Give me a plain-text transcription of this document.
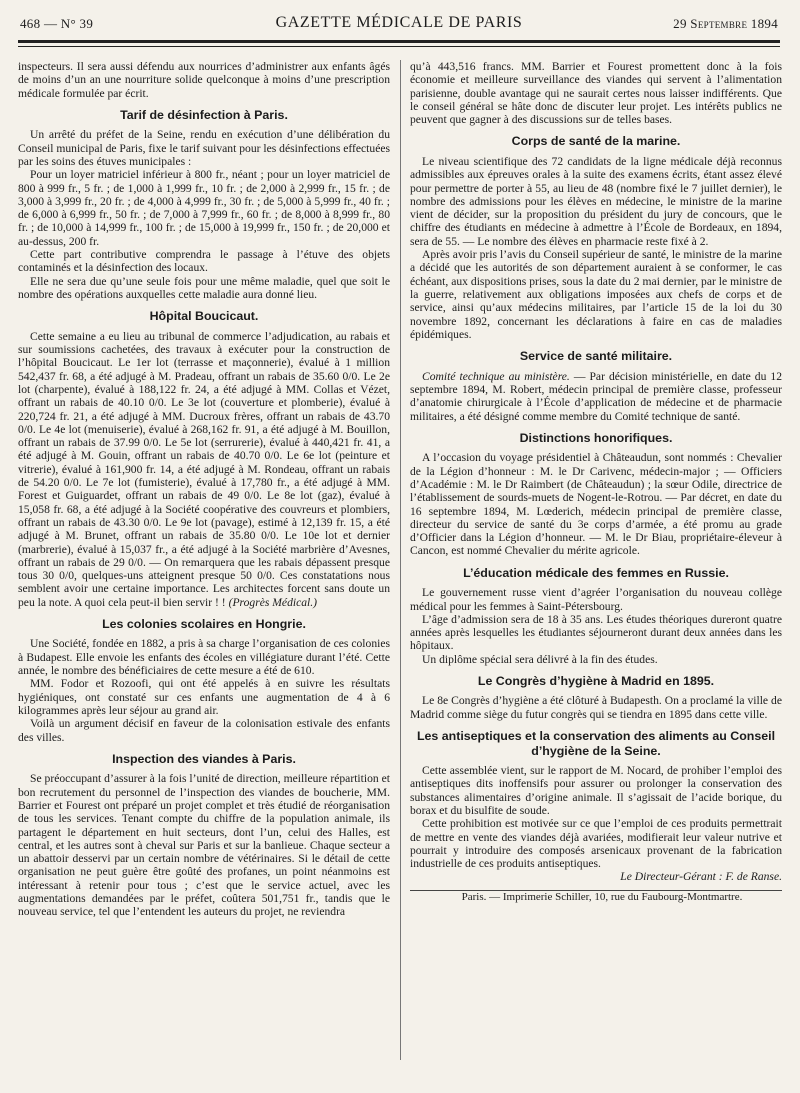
468 — N° 39	GAZETTE MÉDICALE DE PARIS	29 Septembre 1894

inspecteurs. Il sera aussi défendu aux nourrices d’administrer aux enfants âgés de moins d’un an une nourriture solide quelconque à moins d’une prescription médicale formulée par écrit.

Tarif de désinfection à Paris.

Un arrêté du préfet de la Seine, rendu en exécution d’une délibération du Conseil municipal de Paris, fixe le tarif suivant pour les désinfections effectuées par les soins des étuves municipales :

Pour un loyer matriciel inférieur à 800 fr., néant ; pour un loyer matriciel de 800 à 999 fr., 5 fr. ; de 1,000 à 1,999 fr., 10 fr. ; de 2,000 à 2,999 fr., 15 fr. ; de 3,000 à 3,999 fr., 20 fr. ; de 4,000 à 4,999 fr., 30 fr. ; de 5,000 à 5,999 fr., 40 fr. ; de 6,000 à 6,999 fr., 50 fr. ; de 7,000 à 7,999 fr., 60 fr. ; de 8,000 à 8,999 fr., 80 fr. ; de 10,000 à 14,999 fr., 100 fr. ; de 15,000 à 19,999 fr., 150 fr. ; de 20,000 et au-dessus, 200 fr.

Cette part contributive comprendra le passage à l’étuve des objets contaminés et la désinfection des locaux.

Elle ne sera due qu’une seule fois pour une même maladie, quel que soit le nombre des opérations auxquelles cette maladie aura donné lieu.

Hôpital Boucicaut.

Cette semaine a eu lieu au tribunal de commerce l’adjudication, au rabais et sur soumissions cachetées, des travaux à exécuter pour la construction de l’hôpital Boucicaut. Le 1er lot (terrasse et maçonnerie), évalué à 1 million 542,437 fr. 68, a été adjugé à M. Pradeau, offrant un rabais de 35.60 0/0. Le 2e lot (charpente), évalué à 188,122 fr. 24, a été adjugé à MM. Collas et Vézet, offrant un rabais de 40.10 0/0. Le 3e lot (couverture et plomberie), évalué à 220,724 fr. 21, a été adjugé à MM. Ducroux frères, offrant un rabais de 43.70 0/0. Le 4e lot (menuiserie), évalué à 268,162 fr. 91, a été adjugé à M. Bouillon, offrant un rabais de 37.99 0/0. Le 5e lot (serrurerie), évalué à 440,421 fr. 41, a été adjugé à M. Gouin, offrant un rabais de 40.70 0/0. Le 6e lot (peinture et vitrerie), évalué à 161,900 fr. 14, a été adjugé à M. Rondeau, offrant un rabais de 54.20 0/0. Le 7e lot (fumisterie), évalué à 17,780 fr., a été adjugé à MM. Forest et Guiguardet, offrant un rabais de 49 0/0. Le 8e lot (gaz), évalué à 15,058 fr. 68, a été adjugé à la Société coopérative des couvreurs et plombiers, offrant un rabais de 43.30 0/0. Le 9e lot (pavage), estimé à 12,139 fr. 15, a été adjugé à M. Brunet, offrant un rabais de 35.80 0/0. Le 10e lot et dernier (marbrerie), évalué à 15,037 fr., a été adjugé à la Société marbrière d’Avesnes, offrant un rabais de 29 0/0. — On remarquera que les rabais dépassent presque tous 30 0/0, quelques-uns atteignent presque 50 0/0. Ces constatations nous semblent avoir une certaine importance. Les architectes forcent sans doute un peu la note. A quoi cela peut-il bien servir ! ! (Progrès Médical.)

Les colonies scolaires en Hongrie.

Une Société, fondée en 1882, a pris à sa charge l’organisation de ces colonies à Budapest. Elle envoie les enfants des écoles en villégiature durant l’été. Cette année, le nombre des bénéficiaires de cette mesure a été de 610.

MM. Fodor et Rozoofi, qui ont été appelés à en suivre les résultats hygiéniques, ont constaté sur ces enfants une augmentation de 4 à 6 kilogrammes après leur séjour au grand air.

Voilà un argument décisif en faveur de la colonisation estivale des enfants des villes.

Inspection des viandes à Paris.

Se préoccupant d’assurer à la fois l’unité de direction, meilleure répartition et bon recrutement du personnel de l’inspection des viandes de boucherie, MM. Barrier et Fourest ont préparé un projet complet et très étudié de réorganisation de tous les services. Tenant compte du chiffre de la population animale, ils partagent le département en huit secteurs, dont l’un, celui des Halles, est central, et les autres sont à cheval sur Paris et sur la banlieue. Chaque secteur a un abattoir desservi par un certain nombre de vétérinaires. Si le détail de cette organisation ne peut guère être goûté des profanes, un point néanmoins est intéressant à retenir pour tous ; c’est que le service actuel, avec les augmentations demandées par le préfet, coûtera 501,751 fr., tandis que le nouveau service, tel que l’entendent les auteurs du projet, ne reviendra

qu’à 443,516 francs. MM. Barrier et Fourest promettent donc à la fois économie et meilleure surveillance des viandes qui servent à l’alimentation parisienne, double avantage qui ne saurait certes nous laisser indifférents. Que le conseil général se hâte donc de discuter leur projet. Les intérêts publics ne peuvent que gagner à des discussions sur de telles bases.

Corps de santé de la marine.

Le niveau scientifique des 72 candidats de la ligne médicale déjà reconnus admissibles aux épreuves orales à la suite des examens écrits, étant assez élevé pour permettre de porter à 55, au lieu de 48 (nombre fixé le 7 juillet dernier), le nombre des admissions pour les élèves en médecine, le ministre de la marine vient de décider, sur la proposition du président du jury de concours, que le chiffre des étudiants en médecine à admettre à l’École de Bordeaux, en 1894, sera de 55. — Le nombre des élèves en pharmacie reste fixé à 2.

Après avoir pris l’avis du Conseil supérieur de santé, le ministre de la marine a décidé que les autorités de son département auraient à se conformer, le cas échéant, aux dispositions prises, sous la date du 2 mai dernier, par le ministre de la guerre, relativement aux obligations imposées aux chefs de corps et de service, ainsi qu’aux médecins militaires, par l’article 15 de la loi du 30 novembre 1892, concernant les déclarations à faire en cas de maladies épidémiques.

Service de santé militaire.

Comité technique au ministère. — Par décision ministérielle, en date du 12 septembre 1894, M. Robert, médecin principal de première classe, professeur d’anatomie chirurgicale à l’École d’application de médecine et de pharmacie militaires, a été désigné comme membre du Comité technique de santé.

Distinctions honorifiques.

A l’occasion du voyage présidentiel à Châteaudun, sont nommés : Chevalier de la Légion d’honneur : M. le Dr Carivenc, médecin-major ; — Officiers d’Académie : M. le Dr Raimbert (de Châteaudun) ; la sœur Odile, directrice de l’établissement de sourds-muets de Nogent-le-Rotrou. — Par décret, en date du 16 septembre 1894, M. Lœderich, médecin principal de première classe, directeur du service de santé du 3e corps d’armée, a été promu au grade d’Officier dans la Légion d’honneur. — M. le Dr Biau, propriétaire-éleveur à Cancon, est nommé Chevalier du mérite agricole.

L’éducation médicale des femmes en Russie.

Le gouvernement russe vient d’agréer l’organisation du nouveau collège médical pour les femmes à Saint-Pétersbourg.

L’âge d’admission sera de 18 à 35 ans. Les études théoriques dureront quatre années après lesquelles les étudiantes séjourneront durant deux années dans les hôpitaux.

Un diplôme spécial sera délivré à la fin des études.

Le Congrès d’hygiène à Madrid en 1895.

Le 8e Congrès d’hygiène a été clôturé à Budapesth. On a proclamé la ville de Madrid comme siège du futur congrès qui se tiendra en 1895 dans cette ville.

Les antiseptiques et la conservation des aliments au Conseil d’hygiène de la Seine.

Cette assemblée vient, sur le rapport de M. Nocard, de prohiber l’emploi des antiseptiques dits inoffensifs pour assurer ou prolonger la conservation des substances alimentaires d’origine animale. Il s’agissait de l’acide borique, du borax et du bisulfite de soude.

Cette prohibition est motivée sur ce que l’emploi de ces produits permettrait de mettre en vente des viandes déjà avariées, modifierait leur valeur nutrive et pourrait y introduire des composés arsenicaux provenant de la fabrication industrielle de ces produits antiseptiques.

Le Directeur-Gérant : F. de Ranse.

Paris. — Imprimerie Schiller, 10, rue du Faubourg-Montmartre.
